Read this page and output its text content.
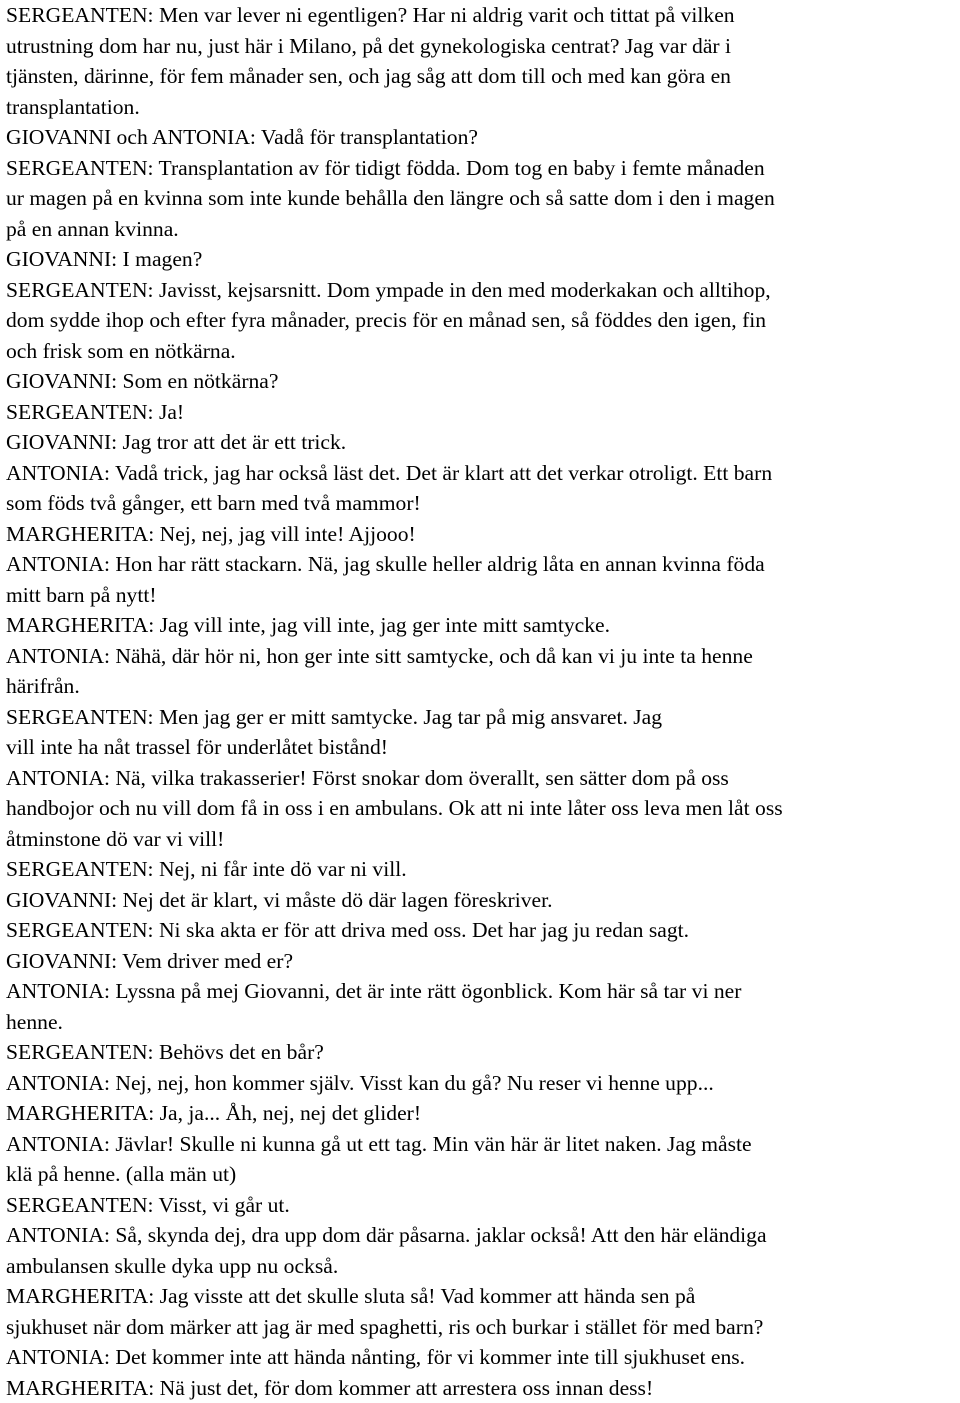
SERGEANTEN: Men var lever ni egentligen? Har ni aldrig varit och tittat på vilken
utrustning dom har nu, just här i Milano, på det gynekologiska centrat? Jag var där i
tjänsten, därinne, för fem månader sen, och jag såg att dom till och med kan göra en
transplantation.

GIOVANNI och ANTONIA: Vadå för transplantation?

SERGEANTEN: Transplantation av för tidigt födda. Dom tog en baby i femte månaden
ur magen på en kvinna som inte kunde behålla den längre och så satte dom i den i magen
på en annan kvinna.

GIOVANNI: I magen?

SERGEANTEN: Javisst, kejsarsnitt. Dom ympade in den med moderkakan och alltihop,
dom sydde ihop och efter fyra månader, precis för en månad sen, så föddes den igen, fin
och frisk som en nötkärna.

GIOVANNI: Som en nötkärna?

SERGEANTEN: Ja!

GIOVANNI: Jag tror att det är ett trick.

ANTONIA: Vadå trick, jag har också läst det. Det är klart att det verkar otroligt. Ett barn
som föds två gånger, ett barn med två mammor!

MARGHERITA: Nej, nej, jag vill inte! Ajjooo!

ANTONIA: Hon har rätt stackarn. Nä, jag skulle heller aldrig låta en annan kvinna föda
mitt barn på nytt!

MARGHERITA: Jag vill inte, jag vill inte, jag ger inte mitt samtycke.

ANTONIA: Nähä, där hör ni, hon ger inte sitt samtycke, och då kan vi ju inte ta henne
härifrån.

SERGEANTEN: Men jag ger er mitt samtycke. Jag tar på mig ansvaret. Jag
vill inte ha nåt trassel för underlåtet bistånd!

ANTONIA: Nä, vilka trakasserier! Först snokar dom överallt, sen sätter dom på oss
handbojor och nu vill dom få in oss i en ambulans. Ok att ni inte låter oss leva men låt oss
åtminstone dö var vi vill!

SERGEANTEN: Nej, ni får inte dö var ni vill.

GIOVANNI: Nej det är klart, vi måste dö där lagen föreskriver.

SERGEANTEN: Ni ska akta er för att driva med oss. Det har jag ju redan sagt.

GIOVANNI: Vem driver med er?

ANTONIA: Lyssna på mej Giovanni, det är inte rätt ögonblick. Kom här så tar vi ner
henne.

SERGEANTEN: Behövs det en bår?

ANTONIA: Nej, nej, hon kommer själv. Visst kan du gå? Nu reser vi henne upp...

MARGHERITA: Ja, ja... Åh, nej, nej det glider!

ANTONIA: Jävlar! Skulle ni kunna gå ut ett tag. Min vän här är litet naken. Jag måste
klä på henne. (alla män ut)

SERGEANTEN: Visst, vi går ut.

ANTONIA: Så, skynda dej, dra upp dom där påsarna. jaklar också! Att den här eländiga
ambulansen skulle dyka upp nu också.

MARGHERITA: Jag visste att det skulle sluta så! Vad kommer att hända sen på
sjukhuset när dom märker att jag är med spaghetti, ris och burkar i stället för med barn?

ANTONIA: Det kommer inte att hända nånting, för vi kommer inte till sjukhuset ens.

MARGHERITA: Nä just det, för dom kommer att arrestera oss innan dess!
